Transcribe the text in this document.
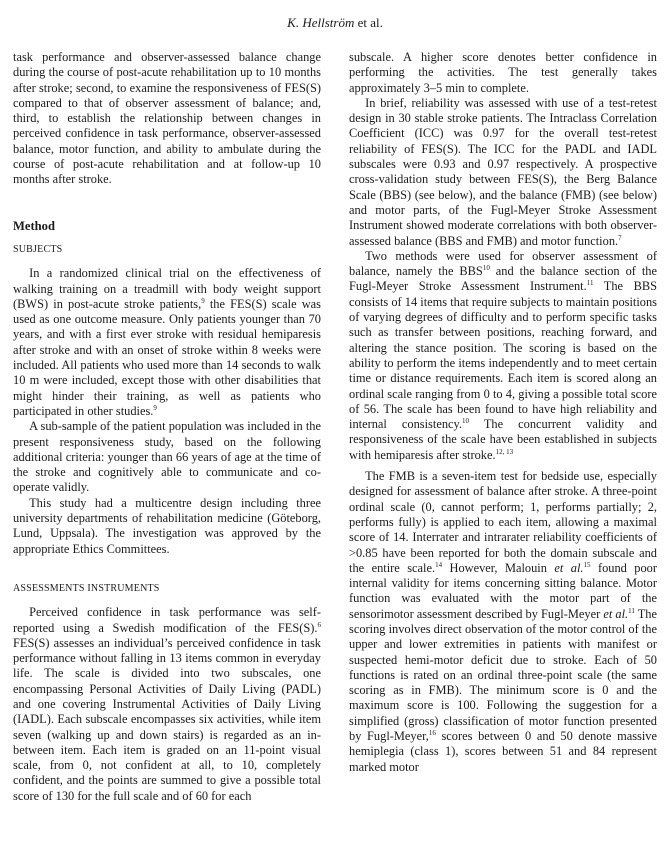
K. Hellström et al.

task performance and observer-assessed balance change during the course of post-acute rehabilitation up to 10 months after stroke; second, to examine the responsiveness of FES(S) compared to that of observer assessment of balance; and, third, to establish the relationship between changes in perceived confidence in task performance, observer-assessed balance, motor function, and ability to ambulate during the course of post-acute rehabilitation and at follow-up 10 months after stroke.

Method
SUBJECTS

In a randomized clinical trial on the effectiveness of walking training on a treadmill with body weight support (BWS) in post-acute stroke patients,$^9$ the FES(S) scale was used as one outcome measure. Only patients younger than 70 years, and with a first ever stroke with residual hemiparesis after stroke and with an onset of stroke within 8 weeks were included. All patients who used more than 14 seconds to walk 10 m were included, except those with other disabilities that might hinder their training, as well as patients who participated in other studies.$^9$

A sub-sample of the patient population was included in the present responsiveness study, based on the following additional criteria: younger than 66 years of age at the time of the stroke and cognitively able to communicate and co-operate validly.

This study had a multicentre design including three university departments of rehabilitation medicine (Göteborg, Lund, Uppsala). The investigation was approved by the appropriate Ethics Committees.

ASSESSMENTS INSTRUMENTS

Perceived confidence in task performance was self-reported using a Swedish modification of the FES(S).$^6$ FES(S) assesses an individual’s perceived confidence in task performance without falling in 13 items common in everyday life. The scale is divided into two subscales, one encompassing Personal Activities of Daily Living (PADL) and one covering Instrumental Activities of Daily Living (IADL). Each subscale encompasses six activities, while item seven (walking up and down stairs) is regarded as an in-between item. Each item is graded on an 11-point visual scale, from 0, not confident at all, to 10, completely confident, and the points are summed to give a possible total score of 130 for the full scale and of 60 for each

subscale. A higher score denotes better confidence in performing the activities. The test generally takes approximately 3–5 min to complete.

In brief, reliability was assessed with use of a test-retest design in 30 stable stroke patients. The Intraclass Correlation Coefficient (ICC) was 0.97 for the overall test-retest reliability of FES(S). The ICC for the PADL and IADL subscales were 0.93 and 0.97 respectively. A prospective cross-validation study between FES(S), the Berg Balance Scale (BBS) (see below), and the balance (FMB) (see below) and motor parts, of the Fugl-Meyer Stroke Assessment Instrument showed moderate correlations with both observer-assessed balance (BBS and FMB) and motor function.$^7$

Two methods were used for observer assessment of balance, namely the BBS$^{10}$ and the balance section of the Fugl-Meyer Stroke Assessment Instrument.$^{11}$ The BBS consists of 14 items that require subjects to maintain positions of varying degrees of difficulty and to perform specific tasks such as transfer between positions, reaching forward, and altering the stance position. The scoring is based on the ability to perform the items independently and to meet certain time or distance requirements. Each item is scored along an ordinal scale ranging from 0 to 4, giving a possible total score of 56. The scale has been found to have high reliability and internal consistency.$^{10}$ The concurrent validity and responsiveness of the scale have been established in subjects with hemiparesis after stroke.$^{12, 13}$

The FMB is a seven-item test for bedside use, especially designed for assessment of balance after stroke. A three-point ordinal scale (0, cannot perform; 1, performs partially; 2, performs fully) is applied to each item, allowing a maximal score of 14. Interrater and intrarater reliability coefficients of >0.85 have been reported for both the domain subscale and the entire scale.$^{14}$ However, Malouin et al.$^{15}$ found poor internal validity for items concerning sitting balance. Motor function was evaluated with the motor part of the sensorimotor assessment described by Fugl-Meyer et al.$^{11}$ The scoring involves direct observation of the motor control of the upper and lower extremities in patients with manifest or suspected hemi-motor deficit due to stroke. Each of 50 functions is rated on an ordinal three-point scale (the same scoring as in FMB). The minimum score is 0 and the maximum score is 100. Following the suggestion for a simplified (gross) classification of motor function presented by Fugl-Meyer,$^{16}$ scores between 0 and 50 denote massive hemiplegia (class 1), scores between 51 and 84 represent marked motor
